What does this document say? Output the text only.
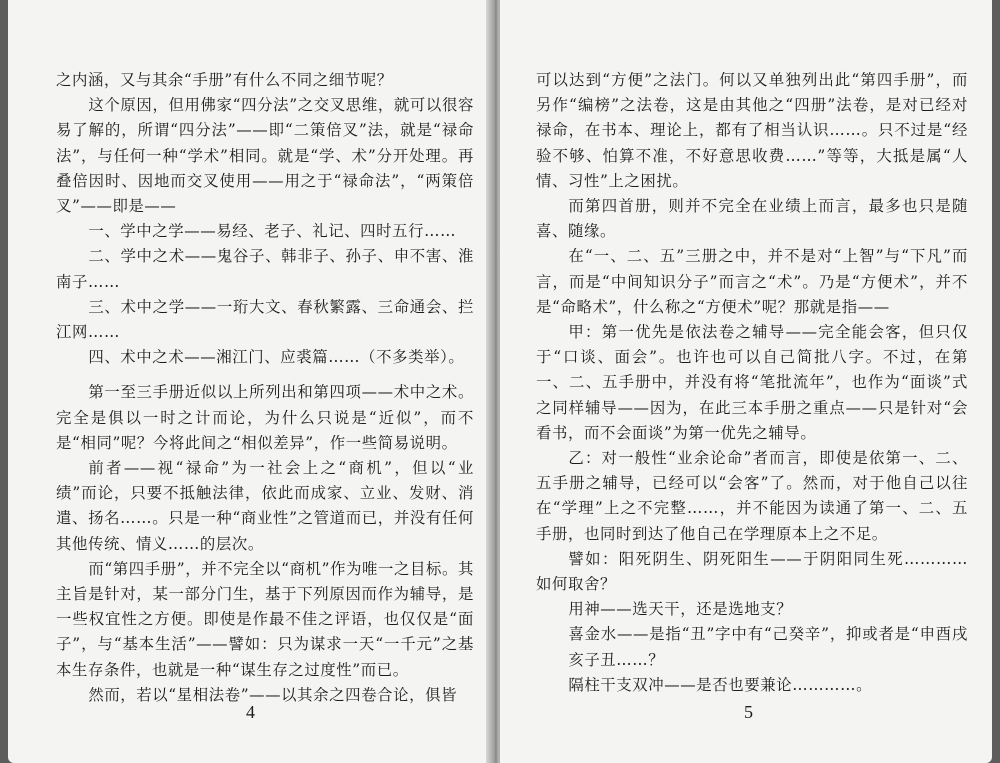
之内涵，又与其余“手册”有什么不同之细节呢？

这个原因，但用佛家“四分法”之交叉思维，就可以很容易了解的，所谓“四分法”——即“二策倍叉”法，就是“禄命法”，与任何一种“学术”相同。就是“学、术”分开处理。再叠倍因时、因地而交叉使用——用之于“禄命法”，“两策倍叉”——即是——

一、学中之学——易经、老子、礼记、四时五行……

二、学中之术——鬼谷子、韩非子、孙子、申不害、淮南子……

三、术中之学——一珩大文、春秋繁露、三命通会、拦江网……

四、术中之术——湘江门、应裘篇……（不多类举）。

第一至三手册近似以上所列出和第四项——术中之术。完全是俱以一时之计而论，为什么只说是“近似”，而不是“相同”呢？今将此间之“相似差异”，作一些简易说明。

前者——视“禄命”为一社会上之“商机”，但以“业绩”而论，只要不抵触法律，依此而成家、立业、发财、消遣、扬名……。只是一种“商业性”之管道而已，并没有任何其他传统、情义……的层次。

而“第四手册”，并不完全以“商机”作为唯一之目标。其主旨是针对，某一部分门生，基于下列原因而作为辅导，是一些权宜性之方便。即使是作最不佳之评语，也仅仅是“面子”，与“基本生活”——譬如：只为谋求一天“一千元”之基本生存条件，也就是一种“谋生存之过度性”而已。

然而，若以“星相法卷”——以其余之四卷合论，俱皆

4

可以达到“方便”之法门。何以又单独列出此“第四手册”，而另作“编榜”之法卷，这是由其他之“四册”法卷，是对已经对禄命，在书本、理论上，都有了相当认识……。只不过是“经验不够、怕算不准，不好意思收费……”等等，大抵是属“人情、习性”上之困扰。

而第四首册，则并不完全在业绩上而言，最多也只是随喜、随缘。

在“一、二、五”三册之中，并不是对“上智”与“下凡”而言，而是“中间知识分子”而言之“术”。乃是“方便术”，并不是“命略术”，什么称之“方便术”呢？那就是指——

甲：第一优先是依法卷之辅导——完全能会客，但只仅于“口谈、面会”。也许也可以自己简批八字。不过，在第一、二、五手册中，并没有将“笔批流年”，也作为“面谈”式之同样辅导——因为，在此三本手册之重点——只是针对“会看书，而不会面谈”为第一优先之辅导。

乙：对一般性“业余论命”者而言，即使是依第一、二、五手册之辅导，已经可以“会客”了。然而，对于他自己以往在“学理”上之不完整……，并不能因为读通了第一、二、五手册，也同时到达了他自己在学理原本上之不足。

譬如：阳死阴生、阴死阳生——于阴阳同生死…………如何取舍？

用神——选天干，还是选地支？

喜金水——是指“丑”字中有“己癸辛”，抑或者是“申酉戌亥子丑……？

隔柱干支双冲——是否也要兼论…………。

5
